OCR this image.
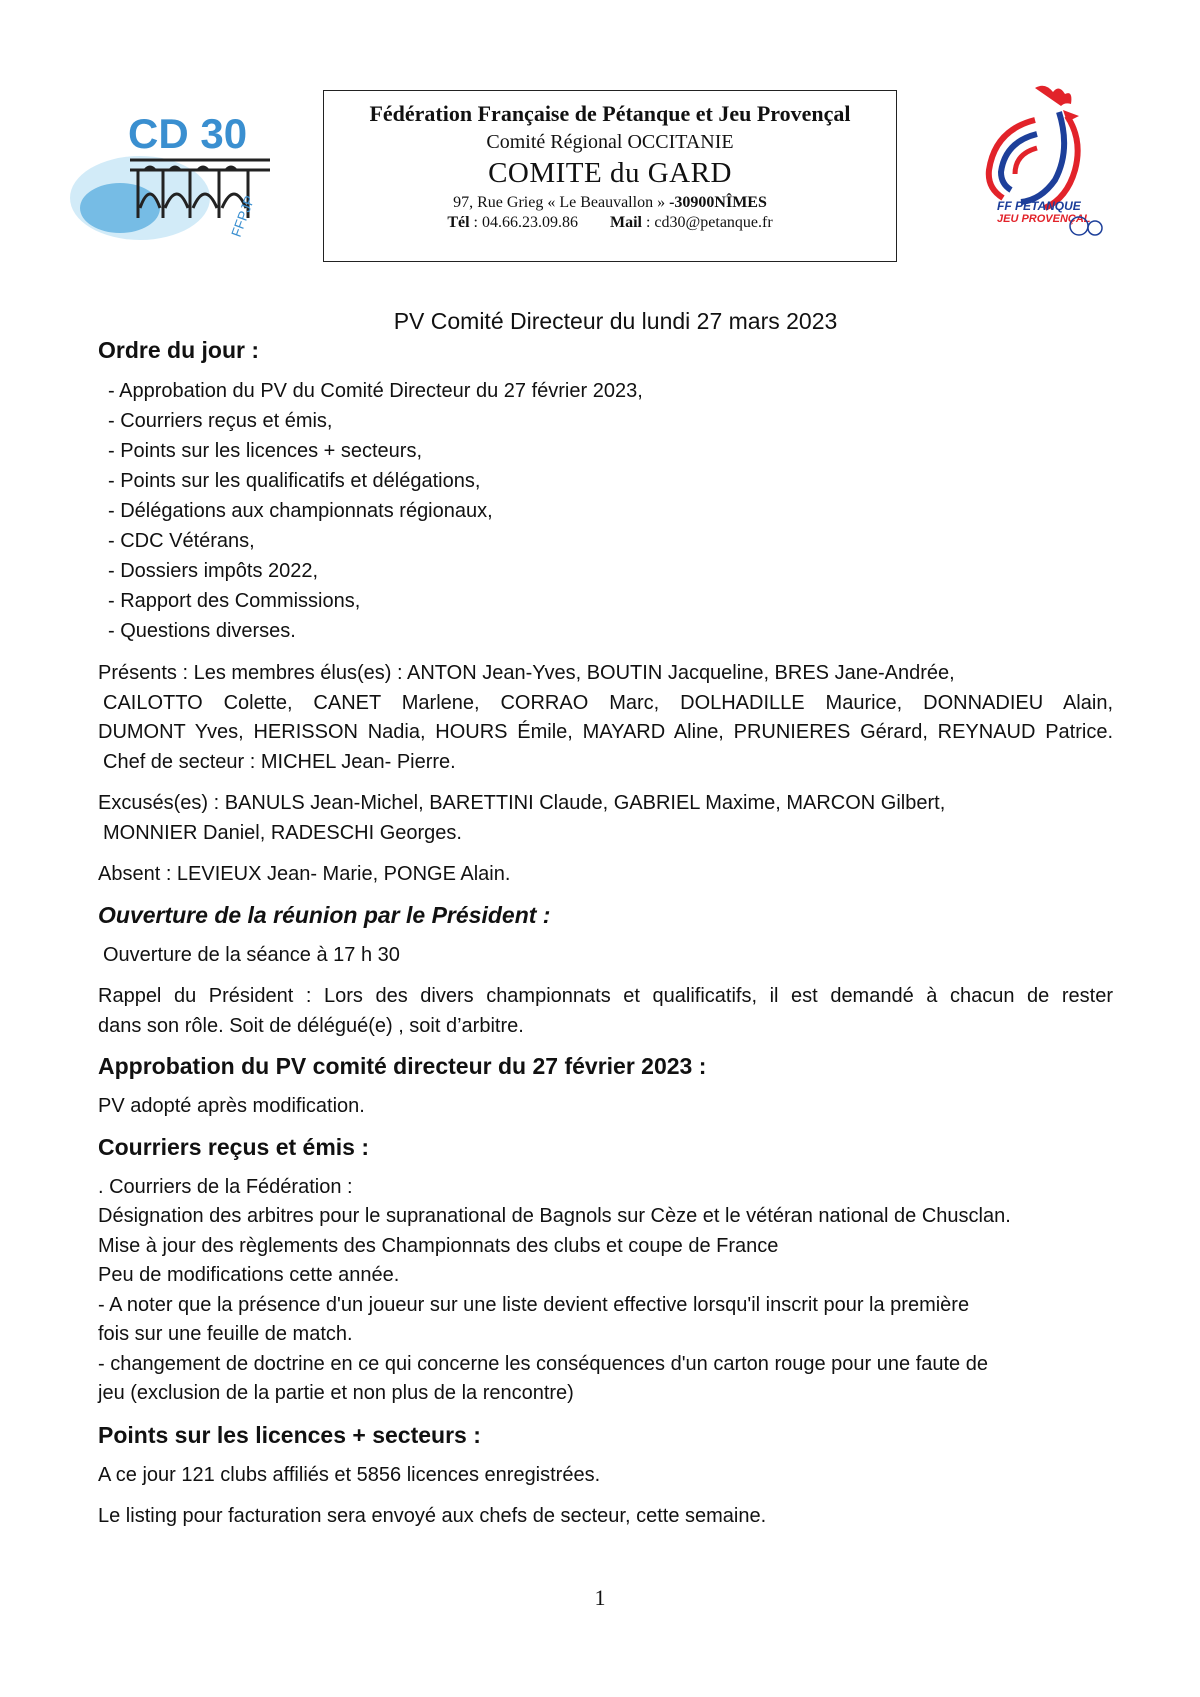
CD 30
FFPJP
Fédération Française de Pétanque et Jeu Provençal
Comité Régional OCCITANIE
COMITE du GARD
97, Rue Grieg « Le Beauvallon » -30900NÎMES
Tél : 04.66.23.09.86 Mail : cd30@petanque.fr
FF PETANQUE
JEU PROVENÇAL
PV Comité Directeur du lundi 27 mars 2023
Ordre du jour :
- Approbation du PV du Comité Directeur du 27 février 2023,
- Courriers reçus et émis,
- Points sur les licences + secteurs,
- Points sur les qualificatifs et délégations,
- Délégations aux championnats régionaux,
- CDC Vétérans,
- Dossiers impôts 2022,
- Rapport des Commissions,
- Questions diverses.

Présents : Les membres élus(es) : ANTON Jean-Yves, BOUTIN Jacqueline, BRES Jane-Andrée,
CAILOTTO Colette, CANET Marlene, CORRAO Marc, DOLHADILLE Maurice, DONNADIEU Alain,
DUMONT Yves, HERISSON Nadia, HOURS Émile, MAYARD Aline, PRUNIERES Gérard, REYNAUD Patrice.
Chef de secteur : MICHEL Jean- Pierre.

Excusés(es) : BANULS Jean-Michel, BARETTINI Claude, GABRIEL Maxime, MARCON Gilbert,
MONNIER Daniel, RADESCHI Georges.

Absent : LEVIEUX Jean- Marie, PONGE Alain.

Ouverture de la réunion par le Président :

Ouverture de la séance à 17 h 30

Rappel du Président : Lors des divers championnats et qualificatifs, il est demandé à chacun de rester
dans son rôle. Soit de délégué(e) , soit d’arbitre.

Approbation du PV comité directeur du 27 février 2023 :

PV adopté après modification.

Courriers reçus et émis :

. Courriers de la Fédération :
Désignation des arbitres pour le supranational de Bagnols sur Cèze et le vétéran national de Chusclan.
Mise à jour des règlements des Championnats des clubs et coupe de France
Peu de modifications cette année.
- A noter que la présence d'un joueur sur une liste devient effective lorsqu'il inscrit pour la première
fois sur une feuille de match.
- changement de doctrine en ce qui concerne les conséquences d'un carton rouge pour une faute de
jeu (exclusion de la partie et non plus de la rencontre)

Points sur les licences + secteurs :

A ce jour 121 clubs affiliés et 5856 licences enregistrées.

Le listing pour facturation sera envoyé aux chefs de secteur, cette semaine.

1
